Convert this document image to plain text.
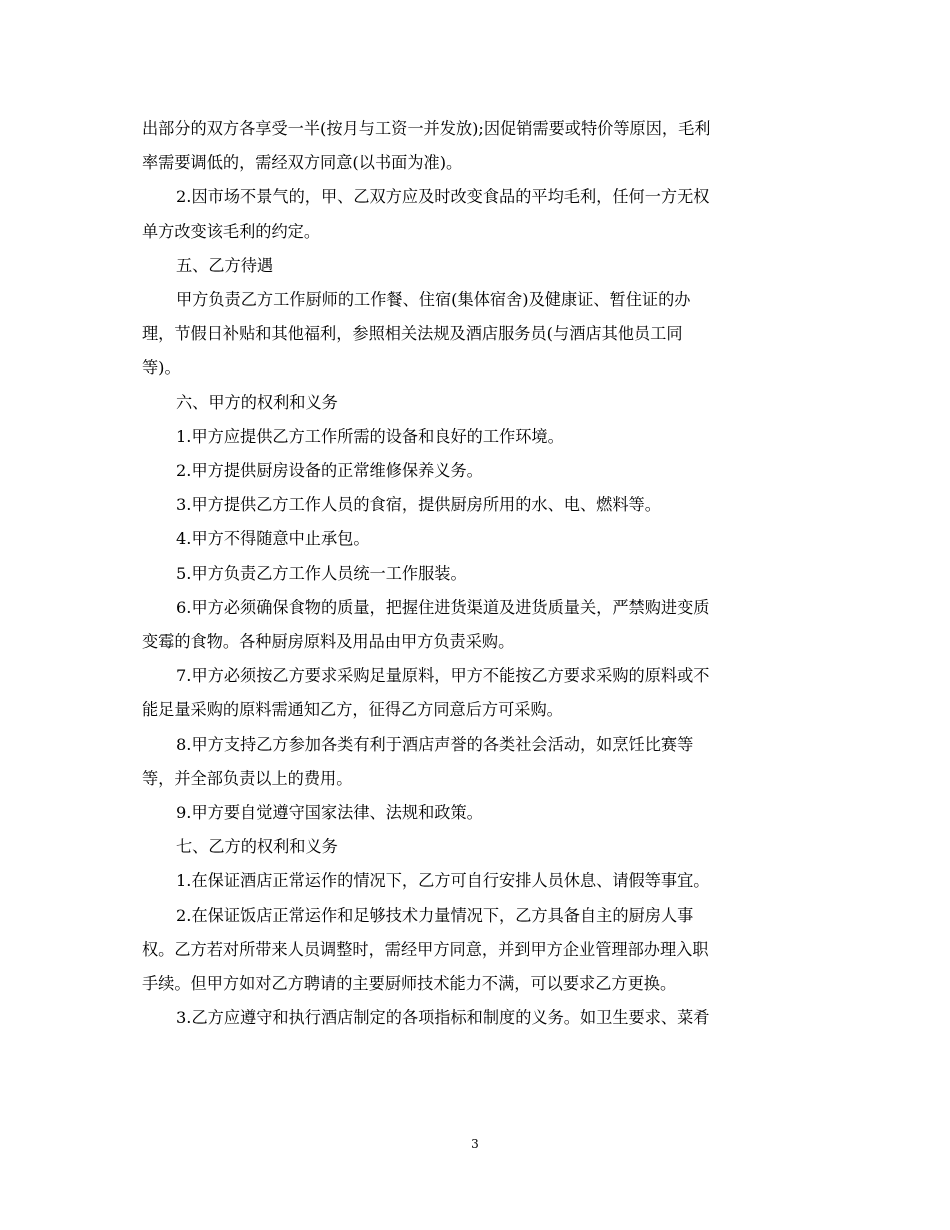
出部分的双方各享受一半(按月与工资一并发放);因促销需要或特价等原因，毛利
率需要调低的，需经双方同意(以书面为准)。

2.因市场不景气的，甲、乙双方应及时改变食品的平均毛利，任何一方无权
单方改变该毛利的约定。

五、乙方待遇

甲方负责乙方工作厨师的工作餐、住宿(集体宿舍)及健康证、暂住证的办
理，节假日补贴和其他福利，参照相关法规及酒店服务员(与酒店其他员工同
等)。

六、甲方的权利和义务

1.甲方应提供乙方工作所需的设备和良好的工作环境。

2.甲方提供厨房设备的正常维修保养义务。

3.甲方提供乙方工作人员的食宿，提供厨房所用的水、电、燃料等。

4.甲方不得随意中止承包。

5.甲方负责乙方工作人员统一工作服装。

6.甲方必须确保食物的质量，把握住进货渠道及进货质量关，严禁购进变质
变霉的食物。各种厨房原料及用品由甲方负责采购。

7.甲方必须按乙方要求采购足量原料，甲方不能按乙方要求采购的原料或不
能足量采购的原料需通知乙方，征得乙方同意后方可采购。

8.甲方支持乙方参加各类有利于酒店声誉的各类社会活动，如烹饪比赛等
等，并全部负责以上的费用。

9.甲方要自觉遵守国家法律、法规和政策。

七、乙方的权利和义务

1.在保证酒店正常运作的情况下，乙方可自行安排人员休息、请假等事宜。

2.在保证饭店正常运作和足够技术力量情况下，乙方具备自主的厨房人事
权。乙方若对所带来人员调整时，需经甲方同意，并到甲方企业管理部办理入职
手续。但甲方如对乙方聘请的主要厨师技术能力不满，可以要求乙方更换。

3.乙方应遵守和执行酒店制定的各项指标和制度的义务。如卫生要求、菜肴

3
